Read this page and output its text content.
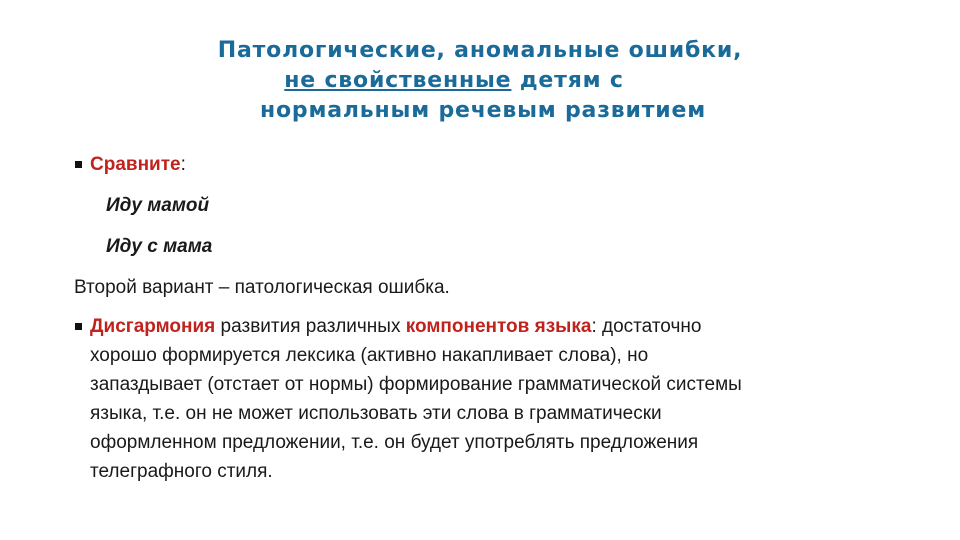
Патологические, аномальные ошибки,
не свойственные детям с
нормальным речевым развитием
Сравните:
Иду мамой
Иду с мама
Второй вариант – патологическая ошибка.
Дисгармония развития различных компонентов языка: достаточно
хорошо формируется лексика (активно накапливает слова), но
запаздывает (отстает от нормы) формирование грамматической системы
языка, т.е. он не может использовать эти слова в грамматически
оформленном предложении, т.е. он будет употреблять предложения
телеграфного стиля.
